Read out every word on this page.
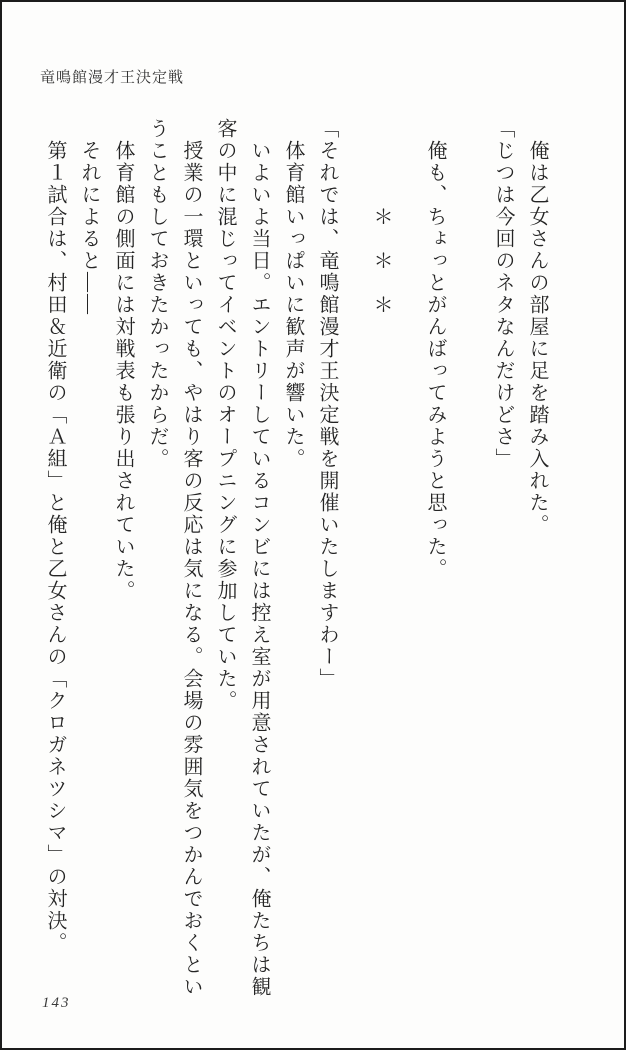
竜鳴館漫才王決定戦

　俺は乙女さんの部屋に足を踏み入れた。

「じつは今回のネタなんだけどさ」

　俺も、ちょっとがんばってみようと思った。

　　　　＊　＊　＊

「それでは、竜鳴館漫才王決定戦を開催いたしますわー」

　体育館いっぱいに歓声が響いた。

　いよいよ当日。エントリーしているコンビには控え室が用意されていたが、俺たちは観

客の中に混じってイベントのオープニングに参加していた。

　授業の一環といっても、やはり客の反応は気になる。会場の雰囲気をつかんでおくとい

うこともしておきたかったからだ。

　体育館の側面には対戦表も張り出されていた。

　それによると――

　第１試合は、村田＆近衛の「Ａ組」と俺と乙女さんの「クロガネツシマ」の対決。

143
